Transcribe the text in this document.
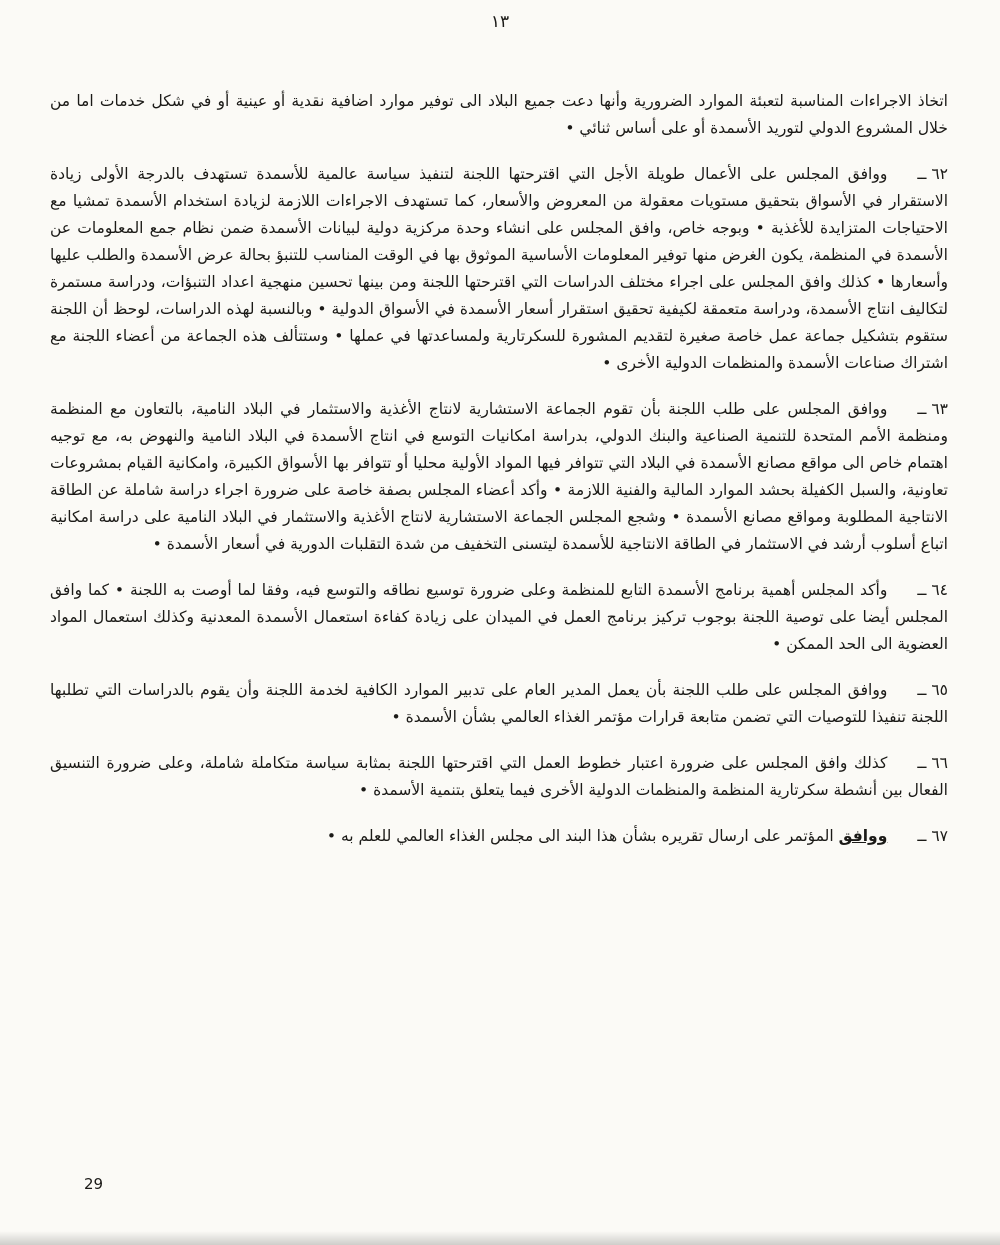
١٣

اتخاذ الاجراءات المناسبة لتعبئة الموارد الضرورية وأنها دعت جميع البلاد الى توفير موارد اضافية نقدية أو عينية أو في شكل خدمات اما من خلال المشروع الدولي لتوريد الأسمدة أو على أساس ثنائي •

٦٢ ــووافق المجلس على الأعمال طويلة الأجل التي اقترحتها اللجنة لتنفيذ سياسة عالمية للأسمدة تستهدف بالدرجة الأولى زيادة الاستقرار في الأسواق بتحقيق مستويات معقولة من المعروض والأسعار، كما تستهدف الاجراءات اللازمة لزيادة استخدام الأسمدة تمشيا مع الاحتياجات المتزايدة للأغذية • وبوجه خاص، وافق المجلس على انشاء وحدة مركزية دولية لبيانات الأسمدة ضمن نظام جمع المعلومات عن الأسمدة في المنظمة، يكون الغرض منها توفير المعلومات الأساسية الموثوق بها في الوقت المناسب للتنبؤ بحالة عرض الأسمدة والطلب عليها وأسعارها • كذلك وافق المجلس على اجراء مختلف الدراسات التي اقترحتها اللجنة ومن بينها تحسين منهجية اعداد التنبؤات، ودراسة مستمرة لتكاليف انتاج الأسمدة، ودراسة متعمقة لكيفية تحقيق استقرار أسعار الأسمدة في الأسواق الدولية • وبالنسبة لهذه الدراسات، لوحظ أن اللجنة ستقوم بتشكيل جماعة عمل خاصة صغيرة لتقديم المشورة للسكرتارية ولمساعدتها في عملها • وستتألف هذه الجماعة من أعضاء اللجنة مع اشتراك صناعات الأسمدة والمنظمات الدولية الأخرى •

٦٣ ــووافق المجلس على طلب اللجنة بأن تقوم الجماعة الاستشارية لانتاج الأغذية والاستثمار في البلاد النامية، بالتعاون مع المنظمة ومنظمة الأمم المتحدة للتنمية الصناعية والبنك الدولي، بدراسة امكانيات التوسع في انتاج الأسمدة في البلاد النامية والنهوض به، مع توجيه اهتمام خاص الى مواقع مصانع الأسمدة في البلاد التي تتوافر فيها المواد الأولية محليا أو تتوافر بها الأسواق الكبيرة، وامكانية القيام بمشروعات تعاونية، والسبل الكفيلة بحشد الموارد المالية والفنية اللازمة • وأكد أعضاء المجلس بصفة خاصة على ضرورة اجراء دراسة شاملة عن الطاقة الانتاجية المطلوبة ومواقع مصانع الأسمدة • وشجع المجلس الجماعة الاستشارية لانتاج الأغذية والاستثمار في البلاد النامية على دراسة امكانية اتباع أسلوب أرشد في الاستثمار في الطاقة الانتاجية للأسمدة ليتسنى التخفيف من شدة التقلبات الدورية في أسعار الأسمدة •

٦٤ ــوأكد المجلس أهمية برنامج الأسمدة التابع للمنظمة وعلى ضرورة توسيع نطاقه والتوسع فيه، وفقا لما أوصت به اللجنة • كما وافق المجلس أيضا على توصية اللجنة بوجوب تركيز برنامج العمل في الميدان على زيادة كفاءة استعمال الأسمدة المعدنية وكذلك استعمال المواد العضوية الى الحد الممكن •

٦٥ ــووافق المجلس على طلب اللجنة بأن يعمل المدير العام على تدبير الموارد الكافية لخدمة اللجنة وأن يقوم بالدراسات التي تطلبها اللجنة تنفيذا للتوصيات التي تضمن متابعة قرارات مؤتمر الغذاء العالمي بشأن الأسمدة •

٦٦ ــكذلك وافق المجلس على ضرورة اعتبار خطوط العمل التي اقترحتها اللجنة بمثابة سياسة متكاملة شاملة، وعلى ضرورة التنسيق الفعال بين أنشطة سكرتارية المنظمة والمنظمات الدولية الأخرى فيما يتعلق بتنمية الأسمدة •

٦٧ ــووافق المؤتمر على ارسال تقريره بشأن هذا البند الى مجلس الغذاء العالمي للعلم به •

29
